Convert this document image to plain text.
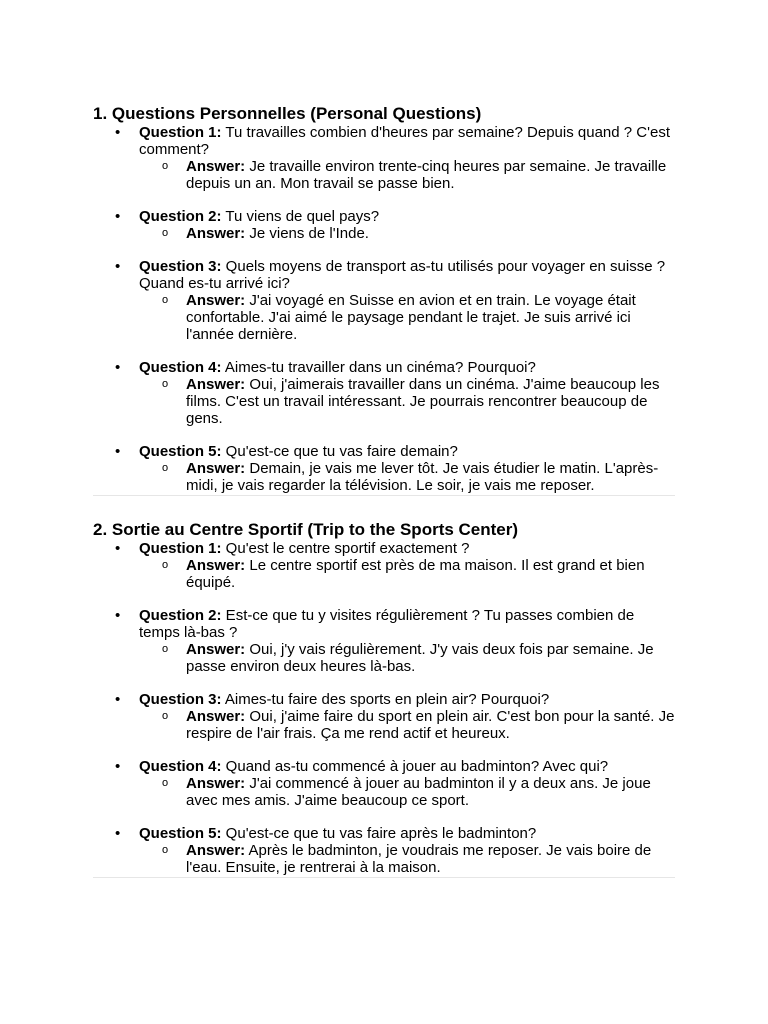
1. Questions Personnelles (Personal Questions)
• Question 1: Tu travailles combien d'heures par semaine? Depuis quand ? C'est comment?
o Answer: Je travaille environ trente-cinq heures par semaine. Je travaille depuis un an. Mon travail se passe bien.
• Question 2: Tu viens de quel pays?
o Answer: Je viens de l'Inde.
• Question 3: Quels moyens de transport as-tu utilisés pour voyager en suisse ? Quand es-tu arrivé ici?
o Answer: J'ai voyagé en Suisse en avion et en train. Le voyage était confortable. J'ai aimé le paysage pendant le trajet. Je suis arrivé ici l'année dernière.
• Question 4: Aimes-tu travailler dans un cinéma? Pourquoi?
o Answer: Oui, j'aimerais travailler dans un cinéma. J'aime beaucoup les films. C'est un travail intéressant. Je pourrais rencontrer beaucoup de gens.
• Question 5: Qu'est-ce que tu vas faire demain?
o Answer: Demain, je vais me lever tôt. Je vais étudier le matin. L'après-midi, je vais regarder la télévision. Le soir, je vais me reposer.
2. Sortie au Centre Sportif (Trip to the Sports Center)
• Question 1: Qu'est le centre sportif exactement ?
o Answer: Le centre sportif est près de ma maison. Il est grand et bien équipé.
• Question 2: Est-ce que tu y visites régulièrement ? Tu passes combien de temps là-bas ?
o Answer: Oui, j'y vais régulièrement. J'y vais deux fois par semaine. Je passe environ deux heures là-bas.
• Question 3: Aimes-tu faire des sports en plein air? Pourquoi?
o Answer: Oui, j'aime faire du sport en plein air. C'est bon pour la santé. Je respire de l'air frais. Ça me rend actif et heureux.
• Question 4: Quand as-tu commencé à jouer au badminton? Avec qui?
o Answer: J'ai commencé à jouer au badminton il y a deux ans. Je joue avec mes amis. J'aime beaucoup ce sport.
• Question 5: Qu'est-ce que tu vas faire après le badminton?
o Answer: Après le badminton, je voudrais me reposer. Je vais boire de l'eau. Ensuite, je rentrerai à la maison.
